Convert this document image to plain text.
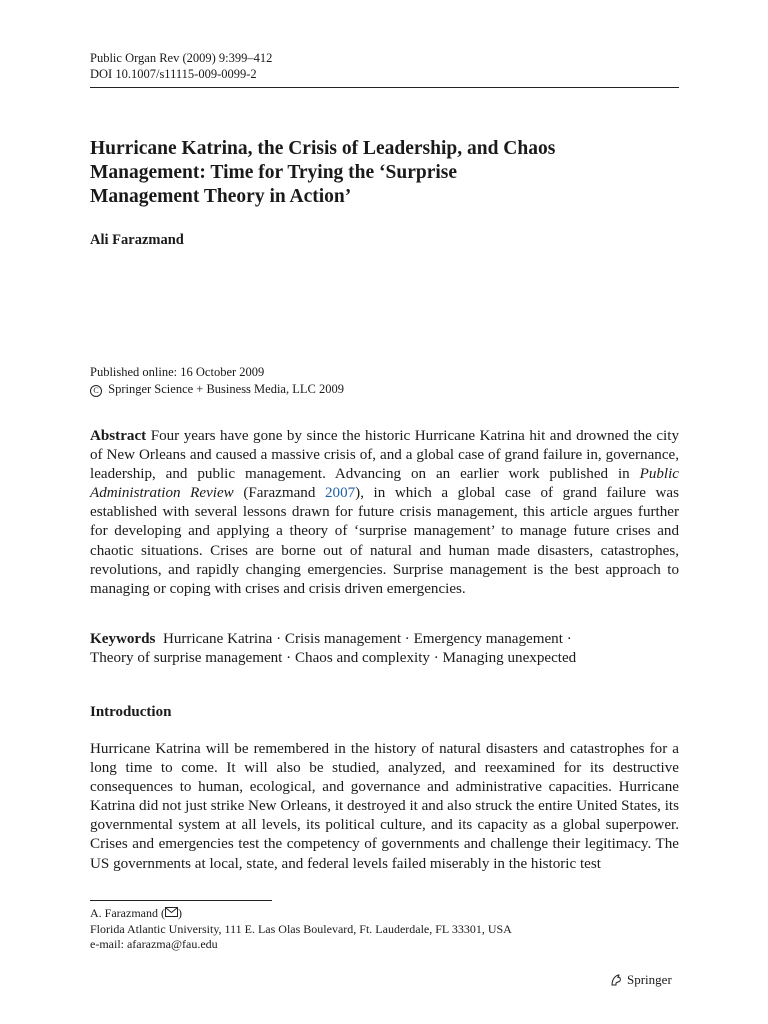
Public Organ Rev (2009) 9:399–412
DOI 10.1007/s11115-009-0099-2
Hurricane Katrina, the Crisis of Leadership, and Chaos
Management: Time for Trying the ‘Surprise
Management Theory in Action’
Ali Farazmand
Published online: 16 October 2009
C Springer Science + Business Media, LLC 2009

Abstract Four years have gone by since the historic Hurricane Katrina hit and drowned the city of New Orleans and caused a massive crisis of, and a global case of grand failure in, governance, leadership, and public management. Advancing on an earlier work published in Public Administration Review (Farazmand 2007), in which a global case of grand failure was established with several lessons drawn for future crisis management, this article argues further for developing and applying a theory of ‘surprise management’ to manage future crises and chaotic situations. Crises are borne out of natural and human made disasters, catastrophes, revolutions, and rapidly changing emergencies. Surprise management is the best approach to managing or coping with crises and crisis driven emergencies.

Keywords Hurricane Katrina · Crisis management · Emergency management ·
Theory of surprise management · Chaos and complexity · Managing unexpected

Introduction

Hurricane Katrina will be remembered in the history of natural disasters and catastrophes for a long time to come. It will also be studied, analyzed, and reexamined for its destructive consequences to human, ecological, and governance and administrative capacities. Hurricane Katrina did not just strike New Orleans, it destroyed it and also struck the entire United States, its governmental system at all levels, its political culture, and its capacity as a global superpower. Crises and emergencies test the competency of governments and challenge their legitimacy. The US governments at local, state, and federal levels failed miserably in the historic test

A. Farazmand ( )
Florida Atlantic University, 111 E. Las Olas Boulevard, Ft. Lauderdale, FL 33301, USA
e-mail: afarazma@fau.edu
Springer
